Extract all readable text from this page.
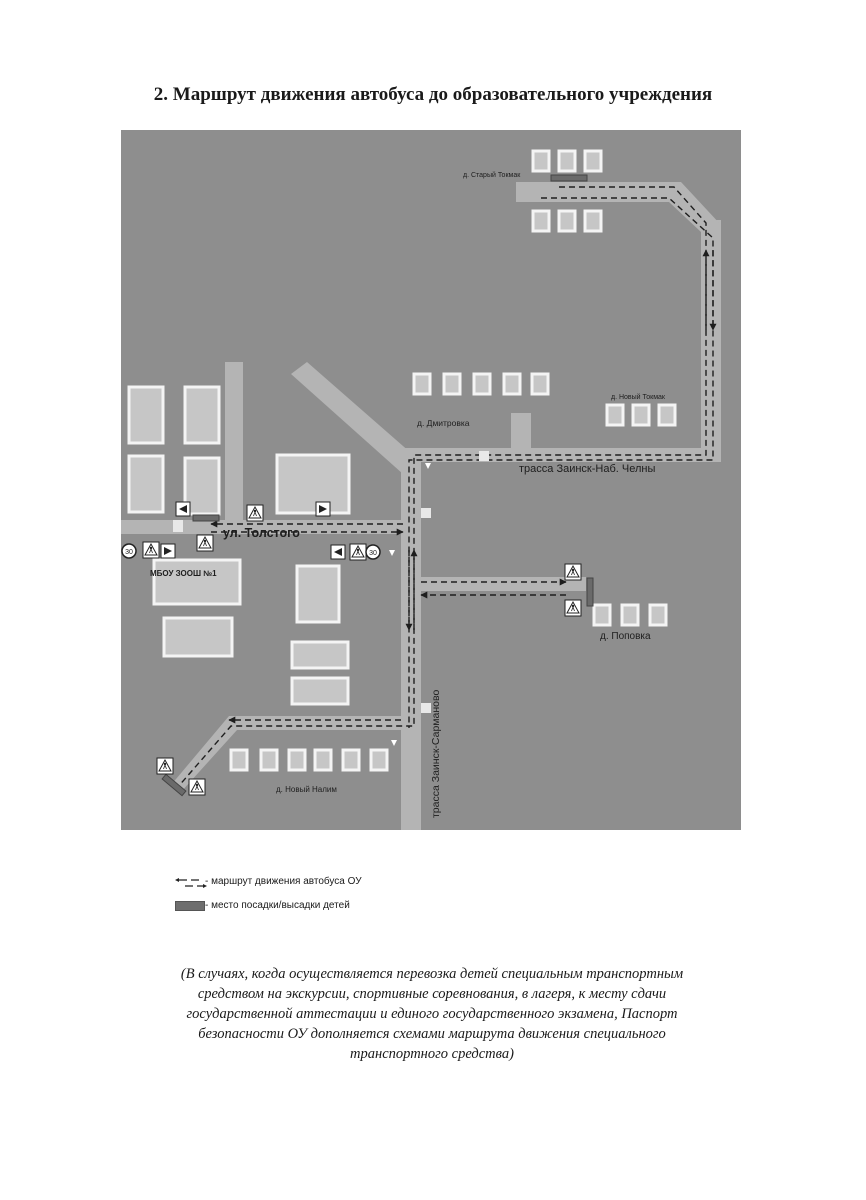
2. Маршрут движения автобуса до образовательного учреждения
30	30
д. Старый Токмак
д. Новый Токмак
д. Дмитровка
трасса Заинск-Наб. Челны
ул. Толстого
МБОУ ЗООШ №1
д. Поповка
трасса Заинск-Сарманово
д. Новый Налим
- маршрут движения автобуса ОУ
- место посадки/высадки детей
(В случаях, когда осуществляется перевозка детей специальным транспортным
средством на экскурсии, спортивные соревнования, в лагеря, к месту сдачи
государственной аттестации и единого государственного экзамена, Паспорт
безопасности ОУ дополняется схемами маршрута движения специального
транспортного средства)
